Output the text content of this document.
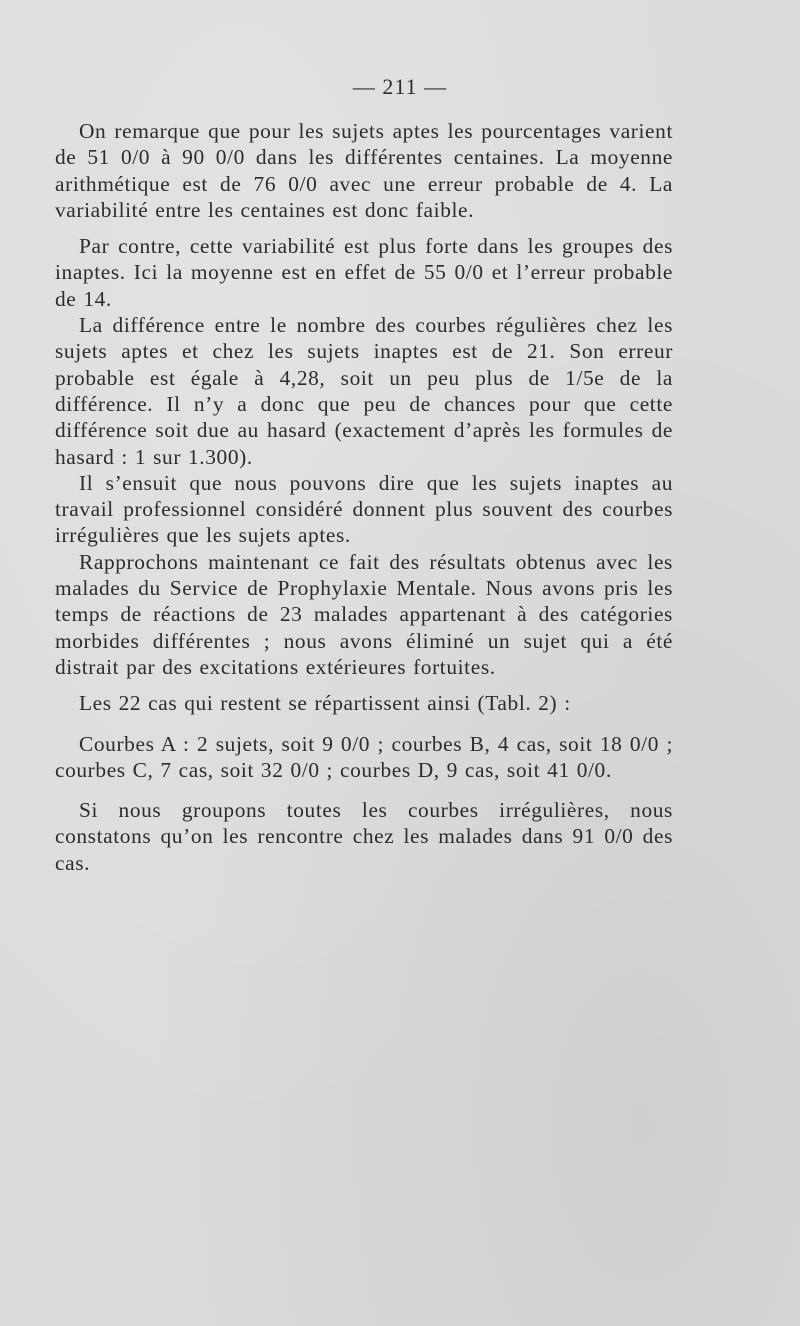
— 211 —

On remarque que pour les sujets aptes les pourcentages varient de 51 0/0 à 90 0/0 dans les différentes centaines. La moyenne arithmétique est de 76 0/0 avec une erreur probable de 4. La variabilité entre les centaines est donc faible.

Par contre, cette variabilité est plus forte dans les groupes des inaptes. Ici la moyenne est en effet de 55 0/0 et l’erreur probable de 14.

La différence entre le nombre des courbes régulières chez les sujets aptes et chez les sujets inaptes est de 21. Son erreur probable est égale à 4,28, soit un peu plus de 1/5e de la différence. Il n’y a donc que peu de chances pour que cette différence soit due au hasard (exactement d’après les formules de hasard : 1 sur 1.300).

Il s’ensuit que nous pouvons dire que les sujets inaptes au travail professionnel considéré donnent plus souvent des courbes irrégulières que les sujets aptes.

Rapprochons maintenant ce fait des résultats obtenus avec les malades du Service de Prophylaxie Mentale. Nous avons pris les temps de réactions de 23 malades appartenant à des catégories morbides différentes ; nous avons éliminé un sujet qui a été distrait par des excitations extérieures fortuites.

Les 22 cas qui restent se répartissent ainsi (Tabl. 2) :

Courbes A : 2 sujets, soit 9 0/0 ; courbes B, 4 cas, soit 18 0/0 ; courbes C, 7 cas, soit 32 0/0 ; courbes D, 9 cas, soit 41 0/0.

Si nous groupons toutes les courbes irrégulières, nous constatons qu’on les rencontre chez les malades dans 91 0/0 des cas.
